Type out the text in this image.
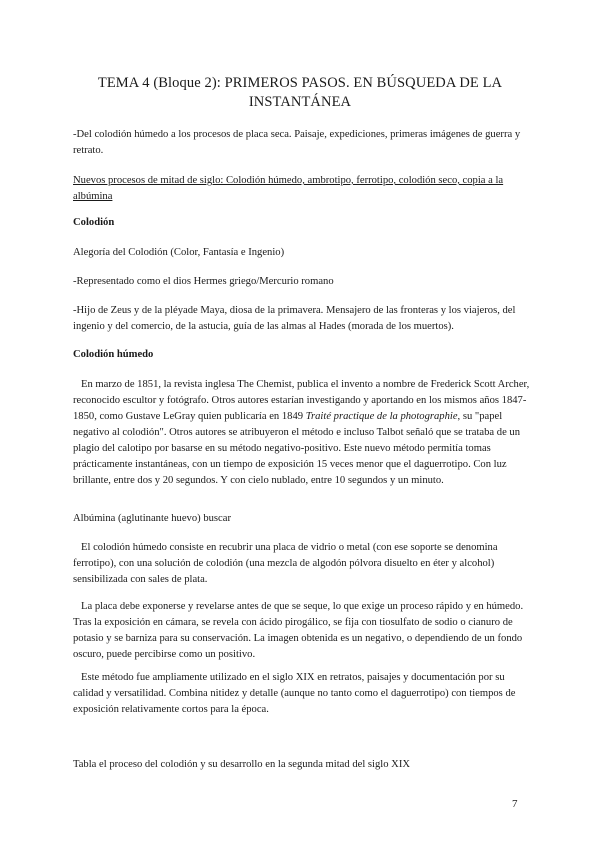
TEMA 4 (Bloque 2): PRIMEROS PASOS. EN BÚSQUEDA DE LA INSTANTÁNEA
-Del colodión húmedo a los procesos de placa seca. Paisaje, expediciones, primeras imágenes de guerra y retrato.
Nuevos procesos de mitad de siglo: Colodión húmedo, ambrotipo, ferrotipo, colodión seco, copia a la albúmina
Colodión
Alegoría del Colodión (Color, Fantasía e Ingenio)
-Representado como el dios Hermes griego/Mercurio romano
-Hijo de Zeus y de la pléyade Maya, diosa de la primavera. Mensajero de las fronteras y los viajeros, del ingenio y del comercio, de la astucia, guía de las almas al Hades (morada de los muertos).
Colodión húmedo
En marzo de 1851, la revista inglesa The Chemist, publica el invento a nombre de Frederick Scott Archer, reconocido escultor y fotógrafo. Otros autores estarían investigando y aportando en los mismos años 1847-1850, como Gustave LeGray quien publicaría en 1849 Traité practique de la photographie, su "papel negativo al colodión". Otros autores se atribuyeron el método e incluso Talbot señaló que se trataba de un plagio del calotipo por basarse en su método negativo-positivo. Este nuevo método permitía tomas prácticamente instantáneas, con un tiempo de exposición 15 veces menor que el daguerrotipo. Con luz brillante, entre dos y 20 segundos. Y con cielo nublado, entre 10 segundos y un minuto.
Albúmina (aglutinante huevo) buscar
El colodión húmedo consiste en recubrir una placa de vidrio o metal (con ese soporte se denomina ferrotipo), con una solución de colodión (una mezcla de algodón pólvora disuelto en éter y alcohol) sensibilizada con sales de plata.
La placa debe exponerse y revelarse antes de que se seque, lo que exige un proceso rápido y en húmedo. Tras la exposición en cámara, se revela con ácido pirogálico, se fija con tiosulfato de sodio o cianuro de potasio y se barniza para su conservación. La imagen obtenida es un negativo, o dependiendo de un fondo oscuro, puede percibirse como un positivo.
Este método fue ampliamente utilizado en el siglo XIX en retratos, paisajes y documentación por su calidad y versatilidad. Combina nitidez y detalle (aunque no tanto como el daguerrotipo) con tiempos de exposición relativamente cortos para la época.
Tabla el proceso del colodión y su desarrollo en la segunda mitad del siglo XIX
7
